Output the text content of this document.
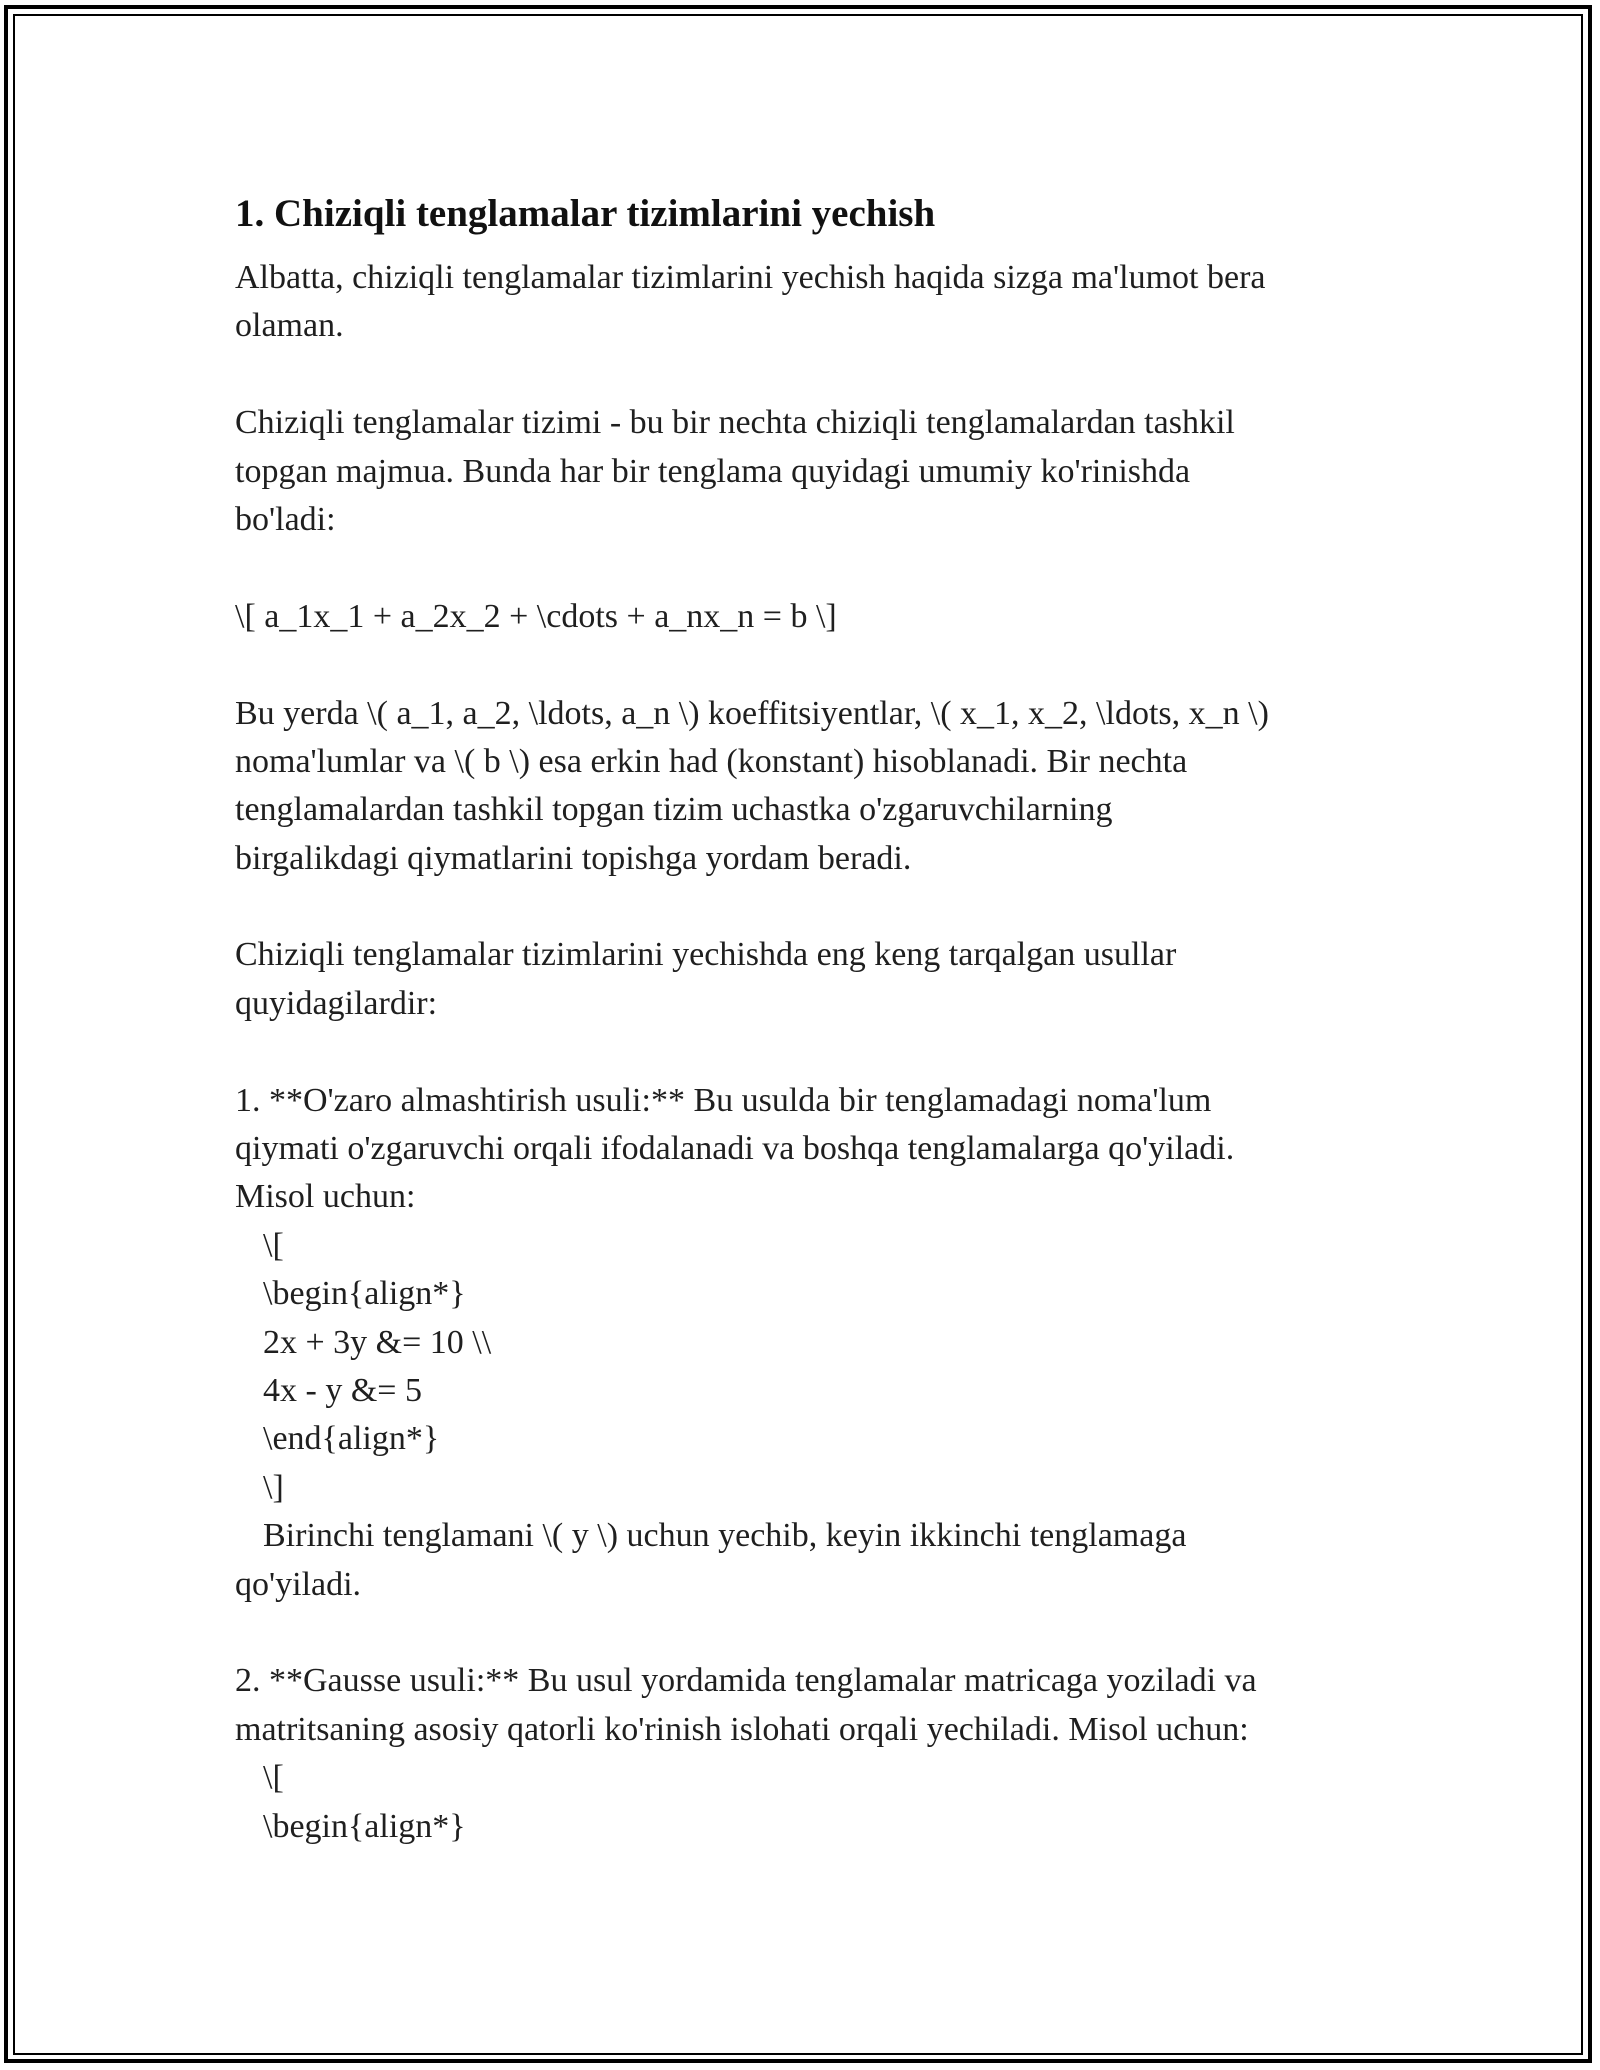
1. Chiziqli tenglamalar tizimlarini yechish
Albatta, chiziqli tenglamalar tizimlarini yechish haqida sizga ma'lumot bera
olaman.
Chiziqli tenglamalar tizimi - bu bir nechta chiziqli tenglamalardan tashkil
topgan majmua. Bunda har bir tenglama quyidagi umumiy ko'rinishda
bo'ladi:
\[ a_1x_1 + a_2x_2 + \cdots + a_nx_n = b \]
Bu yerda \( a_1, a_2, \ldots, a_n \) koeffitsiyentlar, \( x_1, x_2, \ldots, x_n \)
noma'lumlar va \( b \) esa erkin had (konstant) hisoblanadi. Bir nechta
tenglamalardan tashkil topgan tizim uchastka o'zgaruvchilarning
birgalikdagi qiymatlarini topishga yordam beradi.
Chiziqli tenglamalar tizimlarini yechishda eng keng tarqalgan usullar
quyidagilardir:
1. **O'zaro almashtirish usuli:** Bu usulda bir tenglamadagi noma'lum
qiymati o'zgaruvchi orqali ifodalanadi va boshqa tenglamalarga qo'yiladi.
Misol uchun:
\[
\begin{align*}
2x + 3y &= 10 \\
4x - y &= 5
\end{align*}
\]
Birinchi tenglamani \( y \) uchun yechib, keyin ikkinchi tenglamaga
qo'yiladi.
2. **Gausse usuli:** Bu usul yordamida tenglamalar matricaga yoziladi va
matritsaning asosiy qatorli ko'rinish islohati orqali yechiladi. Misol uchun:
\[
\begin{align*}
